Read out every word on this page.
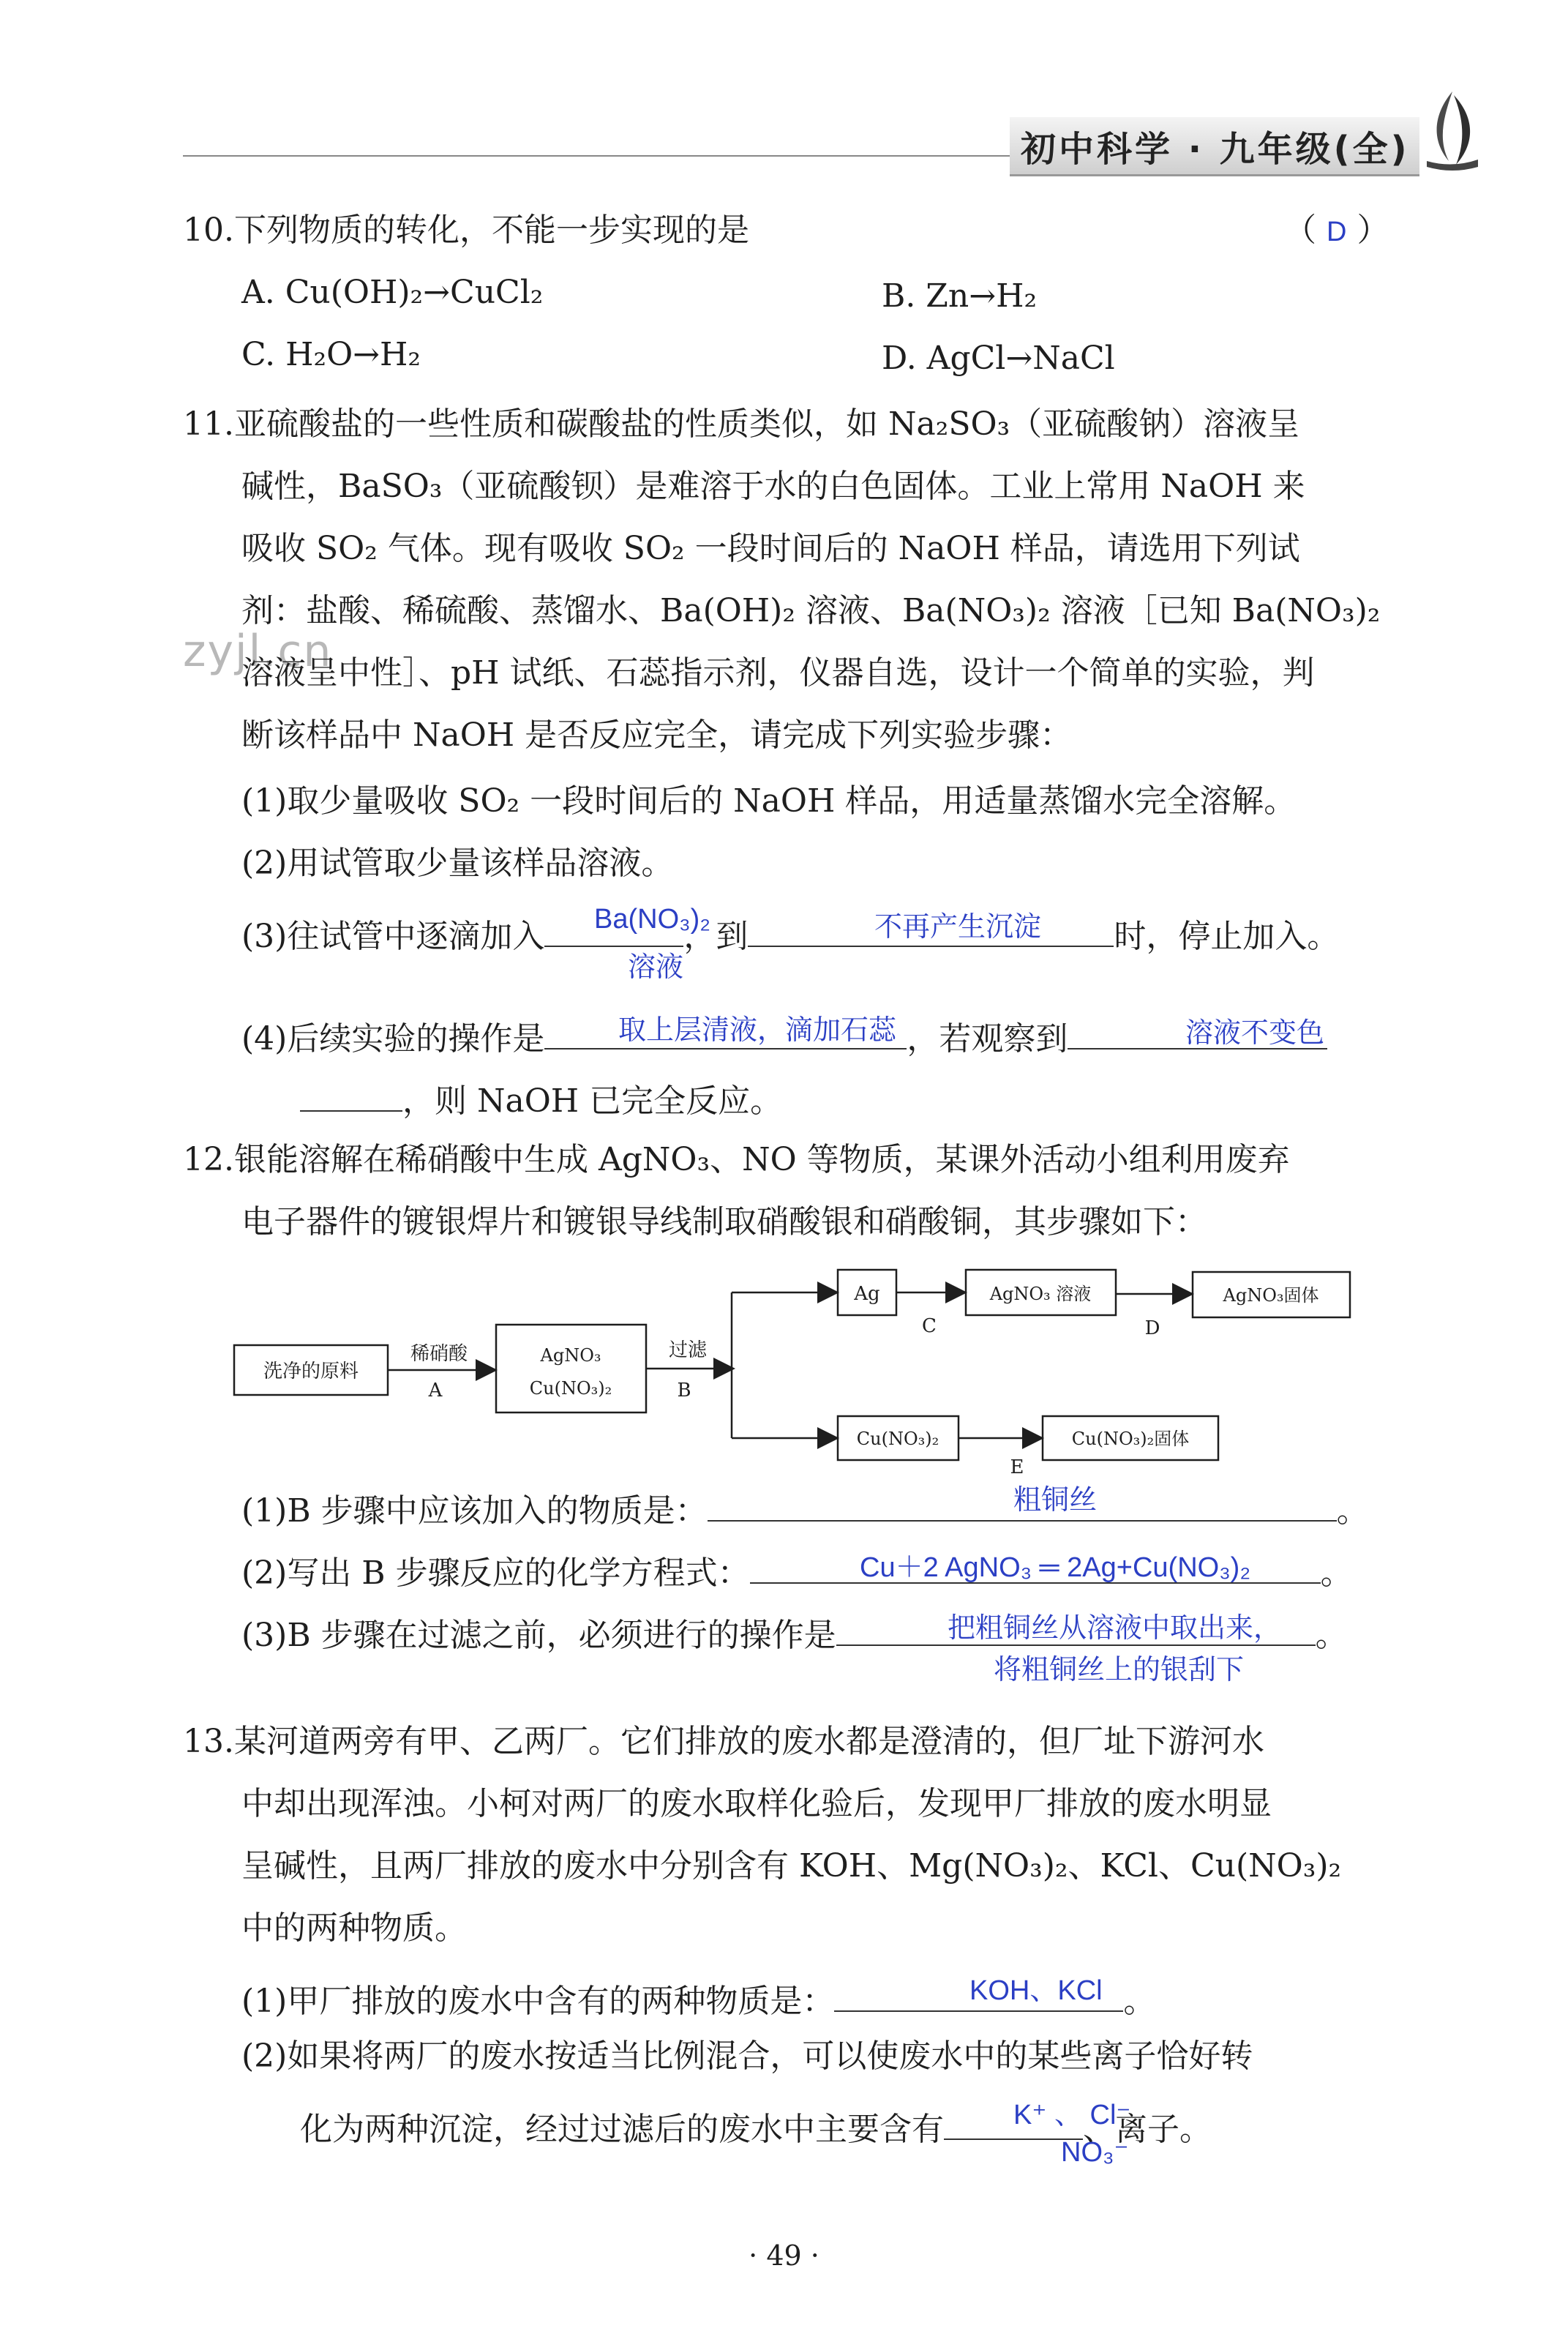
初中科学 · 九年级(全)
zyjl.cn
10.下列物质的转化，不能一步实现的是	（ D ）
A. Cu(OH)₂→CuCl₂	B. Zn→H₂
C. H₂O→H₂	D. AgCl→NaCl
11.亚硫酸盐的一些性质和碳酸盐的性质类似，如 Na₂SO₃（亚硫酸钠）溶液呈
碱性，BaSO₃（亚硫酸钡）是难溶于水的白色固体。工业上常用 NaOH 来
吸收 SO₂ 气体。现有吸收 SO₂ 一段时间后的 NaOH 样品，请选用下列试
剂：盐酸、稀硫酸、蒸馏水、Ba(OH)₂ 溶液、Ba(NO₃)₂ 溶液［已知 Ba(NO₃)₂
溶液呈中性］、pH 试纸、石蕊指示剂，仪器自选，设计一个简单的实验，判
断该样品中 NaOH 是否反应完全，请完成下列实验步骤：
(1)取少量吸收 SO₂ 一段时间后的 NaOH 样品，用适量蒸馏水完全溶解。
(2)用试管取少量该样品溶液。
(3)往试管中逐滴加入	，到	时，停止加入。
Ba(NO₃)₂
溶液
不再产生沉淀
(4)后续实验的操作是	，若观察到
取上层清液，滴加石蕊	溶液不变色
，则 NaOH 已完全反应。
12.银能溶解在稀硝酸中生成 AgNO₃、NO 等物质，某课外活动小组利用废弃
电子器件的镀银焊片和镀银导线制取硝酸银和硝酸铜，其步骤如下：
洗净的原料
稀硝酸
A
AgNO₃
Cu(NO₃)₂
过滤
B
Ag
C
AgNO₃ 溶液
D
AgNO₃固体
Cu(NO₃)₂
E
Cu(NO₃)₂固体
(1)B 步骤中应该加入的物质是：	。
粗铜丝
(2)写出 B 步骤反应的化学方程式：	。
Cu＋2 AgNO₃ ═ 2Ag+Cu(NO₃)₂
(3)B 步骤在过滤之前，必须进行的操作是	。
把粗铜丝从溶液中取出来，
将粗铜丝上的银刮下
13.某河道两旁有甲、乙两厂。它们排放的废水都是澄清的，但厂址下游河水
中却出现浑浊。小柯对两厂的废水取样化验后，发现甲厂排放的废水明显
呈碱性，且两厂排放的废水中分别含有 KOH、Mg(NO₃)₂、KCl、Cu(NO₃)₂
中的两种物质。
(1)甲厂排放的废水中含有的两种物质是：	。
KOH、KCl
(2)如果将两厂的废水按适当比例混合，可以使废水中的某些离子恰好转
化为两种沉淀，经过过滤后的废水中主要含有	、离子。
K⁺ 、 Cl⁻
NO₃⁻
· 49 ·
